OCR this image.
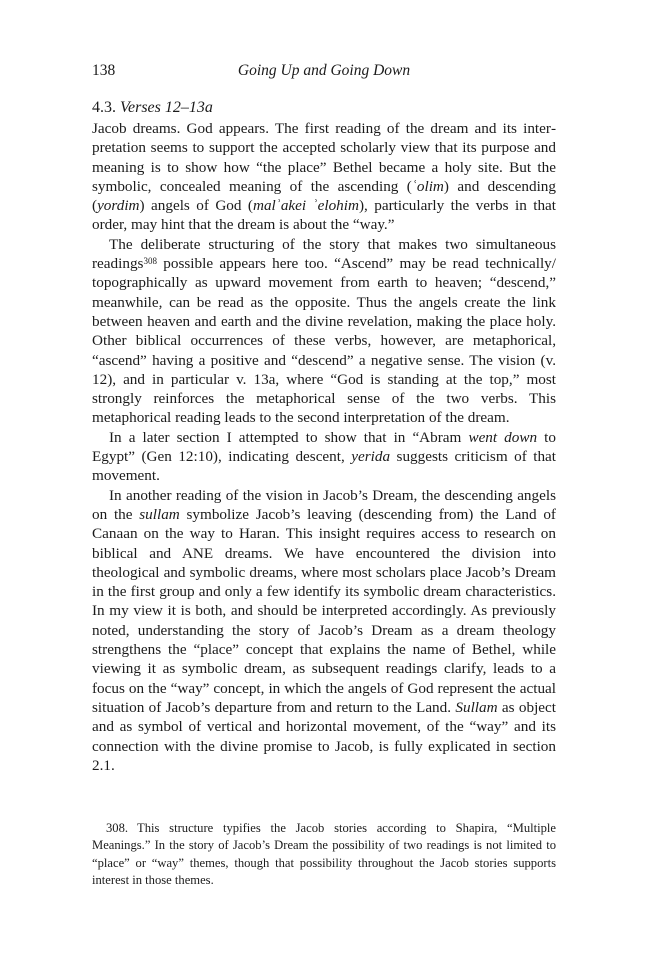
138	Going Up and Going Down
4.3. Verses 12–13a

Jacob dreams. God appears. The first reading of the dream and its interpretation seems to support the accepted scholarly view that its purpose and meaning is to show how “the place” Bethel became a holy site. But the symbolic, concealed meaning of the ascending (ʿolim) and descending (yordim) angels of God (malʾakei ʾelohim), particularly the verbs in that order, may hint that the dream is about the “way.”

The deliberate structuring of the story that makes two simultaneous readings$^{308}$ possible appears here too. “Ascend” may be read technically/ topographically as upward movement from earth to heaven; “descend,” meanwhile, can be read as the opposite. Thus the angels create the link between heaven and earth and the divine revelation, making the place holy. Other biblical occurrences of these verbs, however, are metaphorical, “ascend” having a positive and “descend” a negative sense. The vision (v. 12), and in particular v. 13a, where “God is standing at the top,” most strongly reinforces the metaphorical sense of the two verbs. This metaphorical reading leads to the second interpretation of the dream.

In a later section I attempted to show that in “Abram went down to Egypt” (Gen 12:10), indicating descent, yerida suggests criticism of that movement.

In another reading of the vision in Jacob’s Dream, the descending angels on the sullam symbolize Jacob’s leaving (descending from) the Land of Canaan on the way to Haran. This insight requires access to research on biblical and ANE dreams. We have encountered the division into theological and symbolic dreams, where most scholars place Jacob’s Dream in the first group and only a few identify its symbolic dream characteristics. In my view it is both, and should be interpreted accordingly. As previously noted, understanding the story of Jacob’s Dream as a dream theology strengthens the “place” concept that explains the name of Bethel, while viewing it as symbolic dream, as subsequent readings clarify, leads to a focus on the “way” concept, in which the angels of God represent the actual situation of Jacob’s departure from and return to the Land. Sullam as object and as symbol of vertical and horizontal movement, of the “way” and its connection with the divine promise to Jacob, is fully explicated in section 2.1.

308. This structure typifies the Jacob stories according to Shapira, “Multiple Meanings.” In the story of Jacob’s Dream the possibility of two readings is not limited to “place” or “way” themes, though that possibility throughout the Jacob stories supports interest in those themes.
